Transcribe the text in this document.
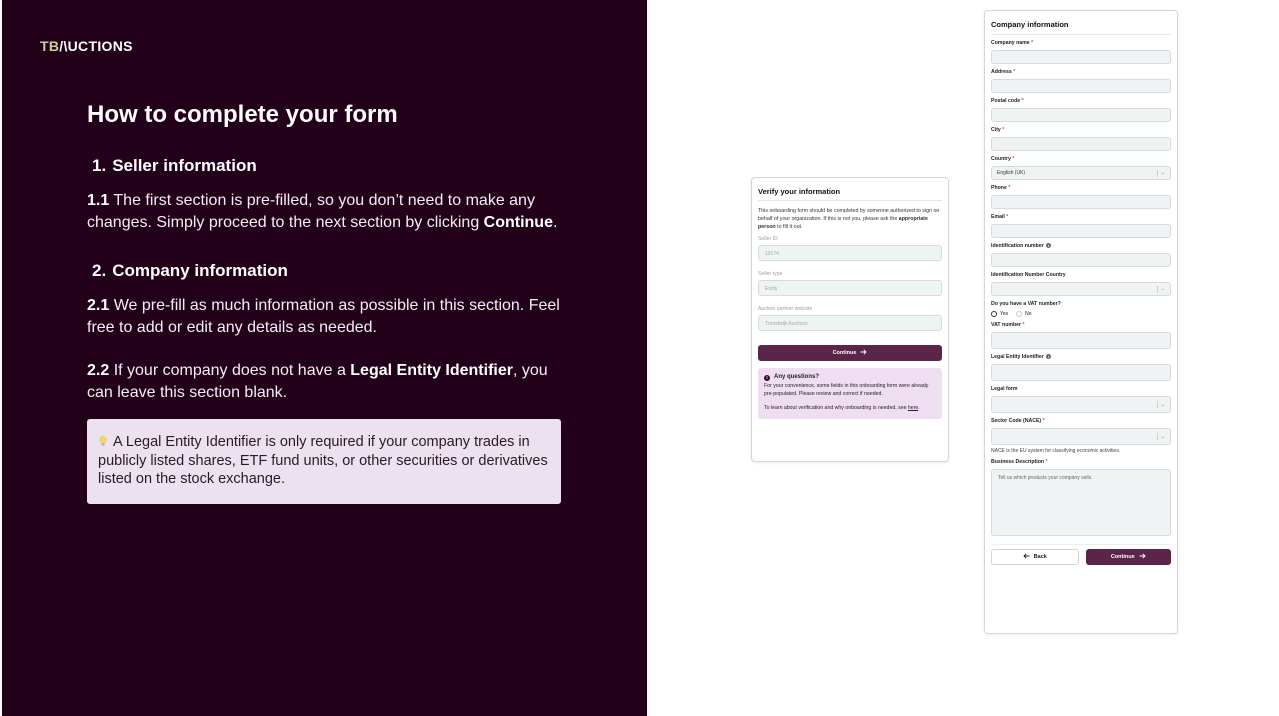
TB/\UCTIONS
How to complete your form
1. Seller information
1.1 The first section is pre-filled, so you don’t need to make any changes. Simply proceed to the next section by clicking Continue.
2. Company information
2.1 We pre-fill as much information as possible in this section. Feel free to add or edit any details as needed.
2.2 If your company does not have a Legal Entity Identifier, you can leave this section blank.
A Legal Entity Identifier is only required if your company trades in publicly listed shares, ETF fund units, or other securities or derivatives listed on the stock exchange.
Verify your information
This onboarding form should be completed by someone authorized to sign on behalf of your organization. If this is not you, please ask the appropriate person to fill it out.
Seller ID
10174
Seller type
Entity
Auction partner website
Troostwijk Auctions
Continue
!	Any questions?
For your convenience, some fields in this onboarding form were already pre-populated. Please review and correct if needed.
To learn about verification and why onboarding is needed, see here.
Company information
Company name *
Address *
Postal code *
City *
Country *
English (UK)	⌄
Phone *
Email *
Identification number i
Identification Number Country
⌄
Do you have a VAT number?
Yes	No
VAT number *
Legal Entity Identifier i
Legal form
⌄
Sector Code (NACE) *
⌄
NACE is the EU system for classifying economic activities.
Business Description *
Tell us which products your company sells.
Back	Continue
